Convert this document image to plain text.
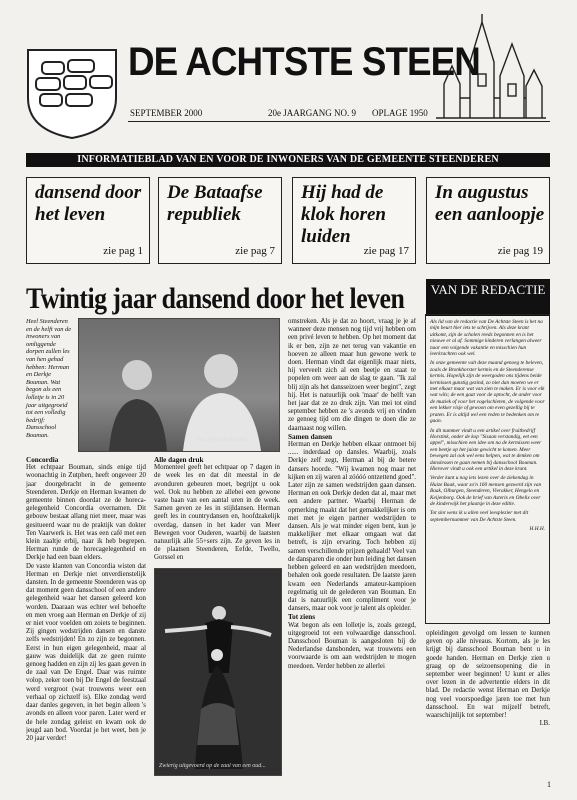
DE ACHTSTE STEEN
SEPTEMBER 2000	20e JAARGANG NO. 9 OPLAGE 1950
INFORMATIEBLAD VAN EN VOOR DE INWONERS VAN DE GEMEENTE STEENDEREN
dansend door het leven
zie pag 1
De Bataafse republiek
zie pag 7
Hij had de klok horen luiden
zie pag 17
In augustus een aanloopje
zie pag 19
Twintig jaar dansend door het leven
Heel Steenderen en de helft van de inwoners van omliggende dorpen zullen les van hen gehad hebben: Herman en Derkje Bouman. Wat begon als een lolletje is in 20 jaar uitgegroeid tot een volledig bedrijf: Dansschool Bouman.
Foto Wynand Wissink
VAN DE REDACTIE

Als lid van de redactie van De Achtste Steen is het na mijn beurt hier iets te schrijven. Als deze krant uitkomt, zijn de scholen reeds begonnen en is het nieuwe er al af. Sommige kinderen verlangen alweer naar een volgende vakantie en misschien hun leerkrachten ook wel.

In onze gemeente valt deze maand genoeg te beleven, zoals de Bronkhorster kermis en de Steenderense kermis. Hopelijk zijn de weergoden ons tijdens beide kermissen gunstig gezind, zo niet dan moeten we er met elkaar maar wat van zien te maken. Er is voor elk wat wils; de een gaat voor de optocht, de ander voor de muziek of voor het vogelschieten, de volgende voor een lekker visje of gewoon om even gezellig bij te praten. Er is altijd wel een reden te bedenken om te gaan.

In dit nummer vindt u een artikel over fruitbedrijf Horstink, onder de kop "Sisaan verstandig, eet een appel", misschien een idee om na de kermissen weer een beetje op het juiste gewicht te komen. Meer bewegen zal ook wel eens helpen, wat te denken om danslessen te gaan nemen bij dansschool Bouman. Hierover vindt u ook een artikel in deze krant.

Verder kunt u nog iets lezen over de ziekendag in Huize Baak, waar zo'n 160 mensen gezwerd zijn van Baak, Olburgen, Steenderen, Vierakker, Hengelo en Keijenborg. Ook de brief van Asterix en Obelix over de kinderwijk het plaatsje in deze editie.

Tot slot wens ik u allen veel leesplezier met dit septembernummer van De Achtste Steen.

H.H.H.

omstreken. Als je dat zo hoort, vraag je je af wanneer deze mensen nog tijd vrij hebben om een privé leven te hebben. Op het moment dat ik er ben, zijn ze net terug van vakantie en hoeven ze alleen maar hun gewone werk te doen. Herman vindt dat eigenlijk maar niets, hij verveelt zich al een beetje en staat te popelen om weer aan de slag te gaan. "Ik zal blij zijn als het dansseizoen weer begint", zegt hij. Het is natuurlijk ook 'maar' de helft van het jaar dat ze zo druk zijn. Van mei tot eind september hebben ze 's avonds vrij en vinden ze genoeg tijd om die dingen te doen die ze daarnaast nog willen.

Samen dansen

Herman en Derkje hebben elkaar ontmoet bij ...... inderdaad op dansles. Waarbij, zoals Derkje zelf zegt, Herman al bij de betere dansers hoorde. "Wij kwamen nog maar net kijken en zij waren al zóóóó ontzettend goed". Later zijn ze samen wedstrijden gaan dansen. Herman en ook Derkje deden dat al, maar met een andere partner. Waarbij Herman de opmerking maakt dat het gemakkelijker is om met met je eigen partner wedstrijden te dansen. Als je wat minder eigen bent, kun je makkelijker met elkaar omgaan wat dat betreft, is zijn ervaring. Toch hebben zij samen verschillende prijzen gehaald! Veel van de dansparen die onder hun leiding het dansen hebben geleerd en aan wedstrijden meedoen, behalen ook goede resultaten. De laatste jaren kwam een Nederlands amateur-kampioen regelmatig uit de gelederen van Bouman. En dat is natuurlijk een compliment voor je dansers, maar ook voor je talent als opleider.

Tot ziens

Wat begon als een lolletje is, zoals gezegd, uitgegroeid tot een volwaardige dansschool. Dansschool Bouman is aangesloten bij de Nederlandse dansbonden, wat trouwens een voorwaarde is om aan wedstrijden te mogen meedoen. Verder hebben ze allerlei

Concordia

Het echtpaar Bouman, sinds enige tijd woonachtig in Zutphen, heeft ongeveer 20 jaar doorgebracht in de gemeente Steenderen. Derkje en Herman kwamen de gemeente binnen doordat ze de horeca-gelegenheid Concordia overnamen. Dit gebouw bestaat allang niet meer, maar was gesitueerd waar nu de praktijk van dokter Ten Vaarwerk is. Het was een café met een klein zaaltje erbij, naar ik heb begrepen. Herman runde de horecagelegenheid en Derkje had een baan elders.

De vaste klanten van Concordia wisten dat Herman en Derkje niet onverdienstelijk dansten. In de gemeente Steenderen was op dat moment geen dansschool of een andere gelegenheid waar het dansen geleerd kon worden. Daaraan was echter wel behoefte en men vroeg aan Herman en Derkje of zij er niet voor voelden om zoiets te beginnen. Zij gingen wedstrijden dansen en danste zelfs wedstrijden! En zo zijn ze begonnen. Eerst in hun eigen gelegenheid, maar al gauw was duidelijk dat ze geen ruimte genoeg hadden en zijn zij les gaan geven in de zaal van De Engel. Daar was ruimte volop, zeker toen bij De Engel de feestzaal werd vergroot (wat trouwens weer een verhaal op zichzelf is). Elke zondag werd daar danles gegeven, in het begin alleen 's avonds en alleen voor paren. Later werd er de hele zondag geleist en kwam ook de jeugd aan bod. Voordat je het weet, ben je 20 jaar verder!

Alle dagen druk

Momenteel geeft het echtpaar op 7 dagen in de week les en dat dit meestal in de avonduren gebeuren moet, begrijpt u ook wel. Ook nu hebben ze allebei een gewone vaste baan van een aantal uren in de week. Samen geven ze les in stijldansen. Herman geeft les in countrydansen en, hoofdzakelijk overdag, dansen in het kader van Meer Bewegen voor Ouderen, waarbij de laatsten natuurlijk alle 55+sers zijn. Ze geven les in de plaatsen Steenderen, Eefde, Twello, Gorssel en

Zwierig uitgevoerd op de zaal van een oud...

opleidingen gevolgd om lessen te kunnen geven op alle niveaus. Kortom, als je les krijgt bij dansschool Bouman bent u in goede handen. Herman en Derkje zien u graag op de seizoensopening die in september weer beginnen! U kunt er alles over lezen in de advertentie elders in dit blad. De redactie wenst Herman en Derkje nog veel voorspoedige jaren toe met hun dansschool. En wat mijzelf betreft, waarschijnlijk tot september!

I.B.

1
